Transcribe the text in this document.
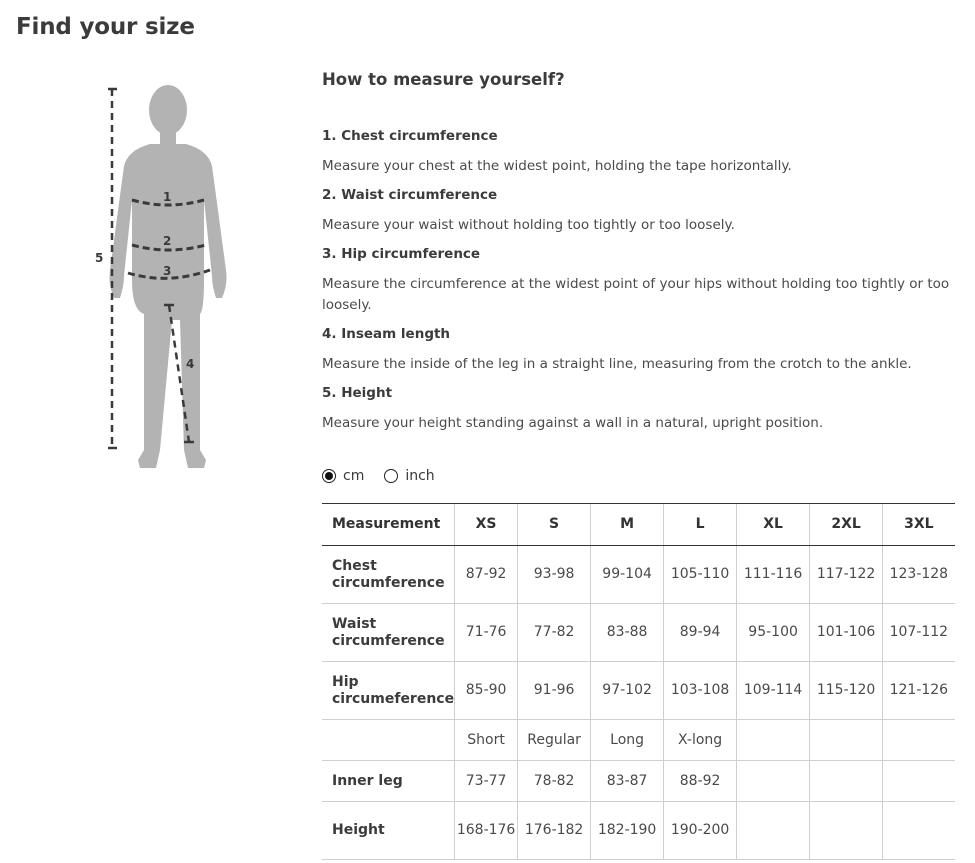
Find your size
1
2
3
4
5
How to measure yourself?

1. Chest circumference

Measure your chest at the widest point, holding the tape horizontally.

2. Waist circumference

Measure your waist without holding too tightly or too loosely.

3. Hip circumference

Measure the circumference at the widest point of your hips without holding too tightly or too loosely.

4. Inseam length

Measure the inside of the leg in a straight line, measuring from the crotch to the ankle.

5. Height

Measure your height standing against a wall in a natural, upright position.

cm	inch
Measurement	XS	S	M	L	XL	2XL	3XL
Chest circumference	87-92	93-98	99-104	105-110	111-116	117-122	123-128
Waist circumference	71-76	77-82	83-88	89-94	95-100	101-106	107-112
Hip circumeference	85-90	91-96	97-102	103-108	109-114	115-120	121-126
	Short	Regular	Long	X-long			
Inner leg	73-77	78-82	83-87	88-92			
Height	168-176	176-182	182-190	190-200			
